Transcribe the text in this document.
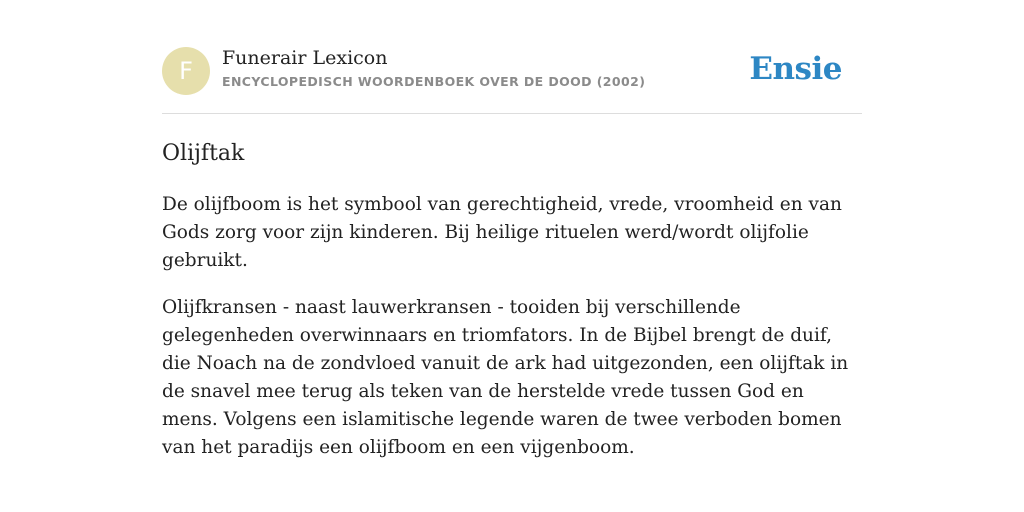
F	Funerair Lexicon
ENCYCLOPEDISCH WOORDENBOEK OVER DE DOOD (2002)	Ensie
Olijftak

De olijfboom is het symbool van gerechtigheid, vrede, vroomheid en van Gods zorg voor zijn kinderen. Bij heilige rituelen werd/wordt olijfolie gebruikt.

Olijfkransen - naast lauwerkransen - tooiden bij verschillende gelegenheden overwinnaars en triomfators. In de Bijbel brengt de duif, die Noach na de zondvloed vanuit de ark had uitgezonden, een olijftak in de snavel mee terug als teken van de herstelde vrede tussen God en mens. Volgens een islamitische legende waren de twee verboden bomen van het paradijs een olijfboom en een vijgenboom.
